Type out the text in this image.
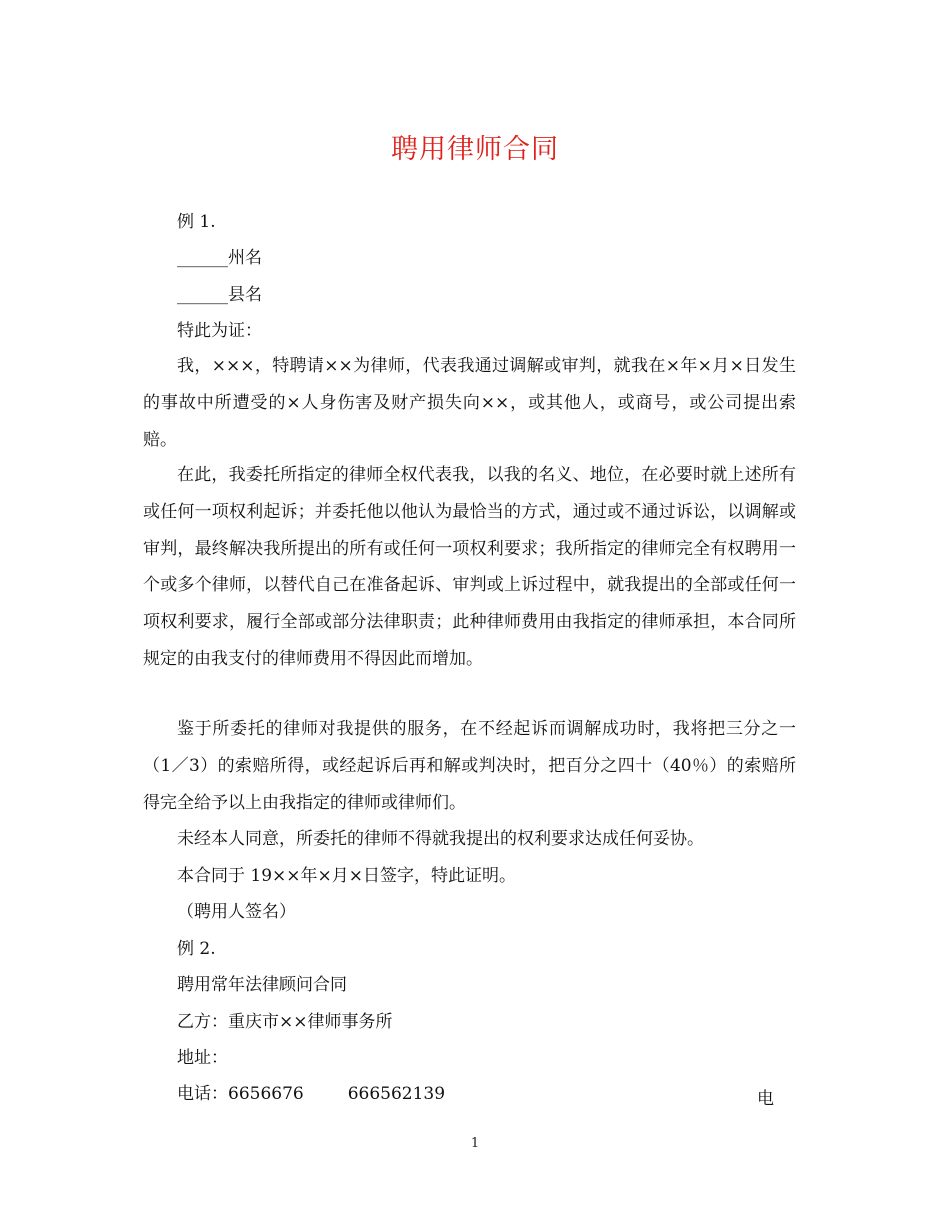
聘用律师合同
例 1.
______州名
______县名
特此为证：

我，×××，特聘请××为律师，代表我通过调解或审判，就我在×年×月×日发生的事故中所遭受的×人身伤害及财产损失向××，或其他人，或商号，或公司提出索赔。

在此，我委托所指定的律师全权代表我，以我的名义、地位，在必要时就上述所有或任何一项权利起诉；并委托他以他认为最恰当的方式，通过或不通过诉讼，以调解或审判，最终解决我所提出的所有或任何一项权利要求；我所指定的律师完全有权聘用一个或多个律师，以替代自己在准备起诉、审判或上诉过程中，就我提出的全部或任何一项权利要求，履行全部或部分法律职责；此种律师费用由我指定的律师承担，本合同所规定的由我支付的律师费用不得因此而增加。

鉴于所委托的律师对我提供的服务，在不经起诉而调解成功时，我将把三分之一（1／3）的索赔所得，或经起诉后再和解或判决时，把百分之四十（40％）的索赔所得完全给予以上由我指定的律师或律师们。

未经本人同意，所委托的律师不得就我提出的权利要求达成任何妥协。
本合同于 19××年×月×日签字，特此证明。
（聘用人签名）
例 2.
聘用常年法律顾问合同
乙方：重庆市××律师事务所
地址：
电话：6656676	666562139	电
1
